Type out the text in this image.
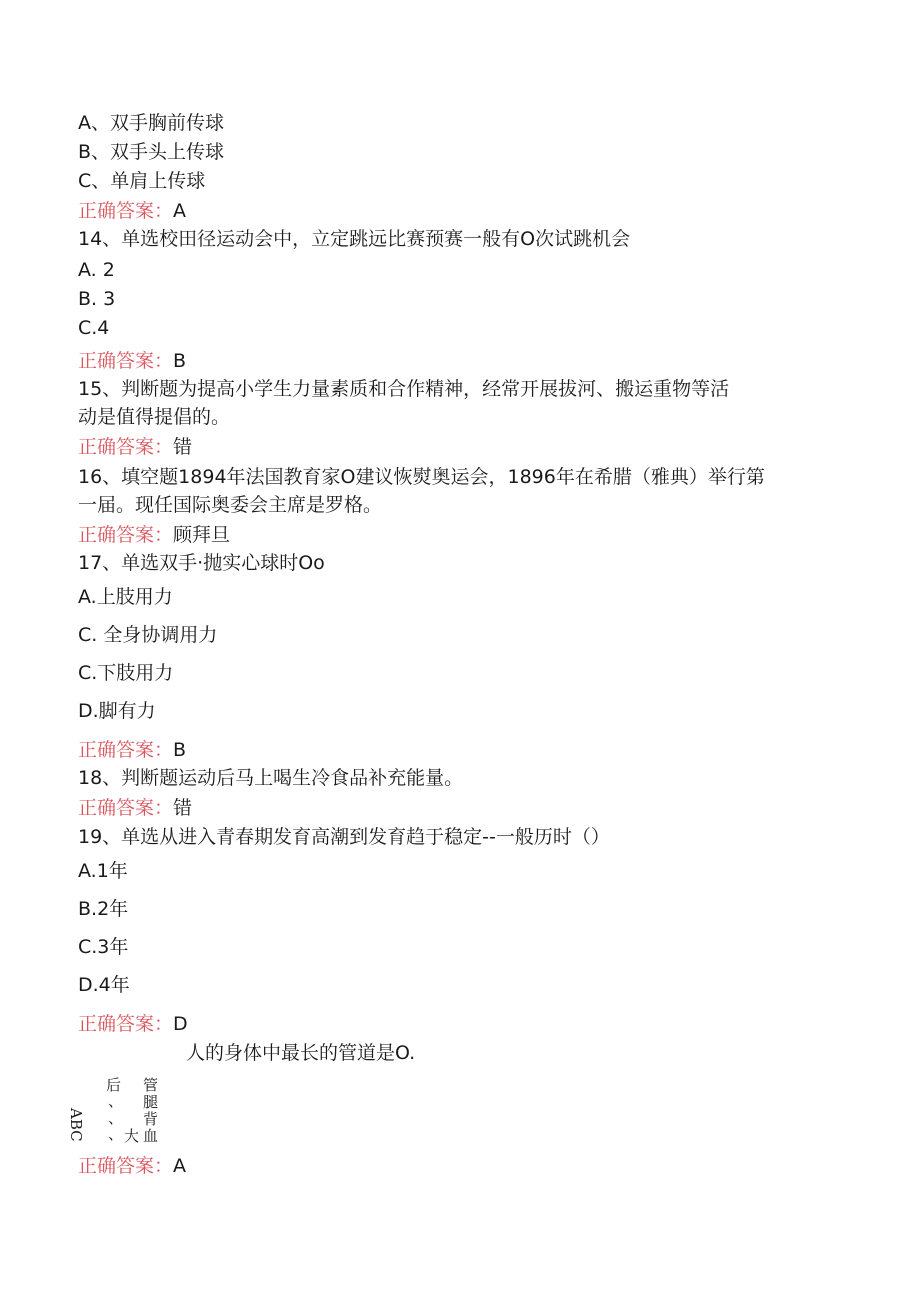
A、双手胸前传球
B、双手头上传球
C、单肩上传球
正确答案：A
14、单选校田径运动会中，立定跳远比赛预赛一般有O次试跳机会
A. 2
B. 3
C.4
正确答案：B
15、判断题为提高小学生力量素质和合作精神，经常开展拔河、搬运重物等活
动是值得提倡的。
正确答案：错
16、填空题1894年法国教育家O建议恢熨奥运会，1896年在希腊（雅典）举行第
一届。现任国际奥委会主席是罗格。
正确答案：顾拜旦
17、单选双手·抛实心球时Oo
A.上肢用力
C. 全身协调用力
C.下肢用力
D.脚有力
正确答案：B
18、判断题运动后马上喝生冷食品补充能量。
正确答案：错
19、单选从进入青春期发育高潮到发育趋于稳定--一般历时（）
A.1年
B.2年
C.3年
D.4年
正确答案：D
人的身体中最长的管道是O.
后
、
、
、 大
管
腿
背
血
ABC
正确答案：A
